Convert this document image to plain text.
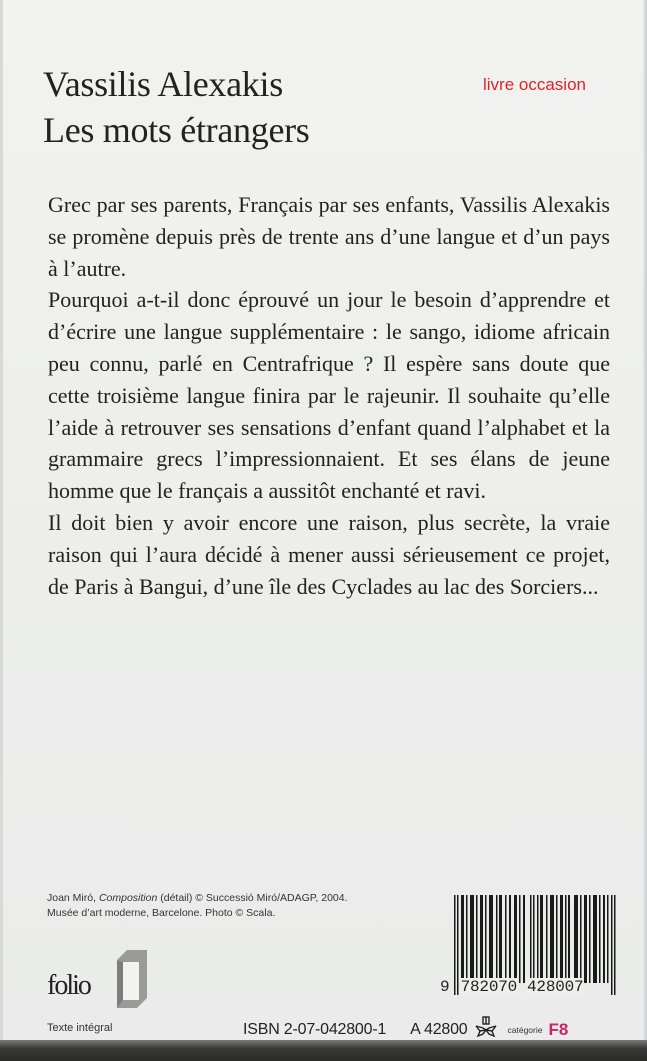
Vassilis Alexakis
Les mots étrangers
livre occasion

Grec par ses parents, Français par ses enfants, Vassilis Alexakis se promène depuis près de trente ans d’une langue et d’un pays à l’autre.

Pourquoi a-t-il donc éprouvé un jour le besoin d’apprendre et d’écrire une langue supplémentaire : le sango, idiome africain peu connu, parlé en Centrafrique ? Il espère sans doute que cette troisième langue finira par le rajeunir. Il souhaite qu’elle l’aide à retrouver ses sensations d’enfant quand l’alphabet et la grammaire grecs l’impressionnaient. Et ses élans de jeune homme que le français a aussitôt enchanté et ravi.

Il doit bien y avoir encore une raison, plus secrète, la vraie raison qui l’aura décidé à mener aussi sérieusement ce projet, de Paris à Bangui, d’une île des Cyclades au lac des Sorciers...

Joan Miró, Composition (détail) © Successió Miró/ADAGP, 2004.
Musée d’art moderne, Barcelone. Photo © Scala.
folio
Texte intégral
9 782070 428007
ISBN 2-07-042800-1 A 42800	catégorie F8
